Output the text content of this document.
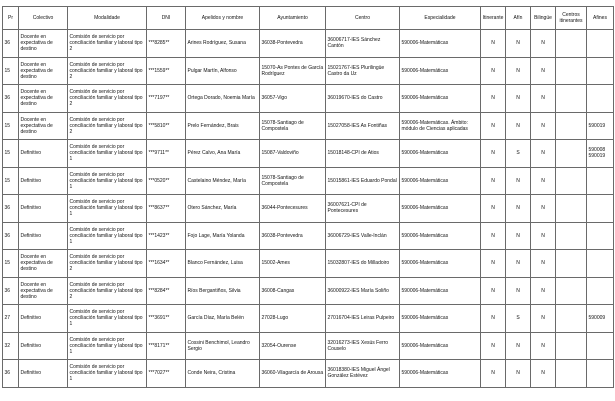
Pr	Colectivo	Modalidade	DNI	Apelidos y nombre	Ayuntamiento	Centro	Especialidade	Itinerante	Afín	Bilingüe	Centros itinerantes	Afines
36	Docente en expectativa de destino	Comisión de servicio por conciliación familiar y laboral tipo 2	***8285**	Arines Rodríguez, Susana	36038-Pontevedra	36006717-IES Sánchez Cantón	590006-Matemáticas	N	N	N		
15	Docente en expectativa de destino	Comisión de servicio por conciliación familiar y laboral tipo 2	***1559**	Pulgar Martín, Alfonso	15070-As Pontes de García Rodríguez	15021767-IES Plurilingüe Castro da Uz	590006-Matemáticas	N	N	N		
36	Docente en expectativa de destino	Comisión de servicio por conciliación familiar y laboral tipo 2	***7197**	Ortega Dorado, Noemia María	36057-Vigo	36019670-IES do Castro	590006-Matemáticas	N	N	N		
15	Docente en expectativa de destino	Comisión de servicio por conciliación familiar y laboral tipo 2	***5810**	Prelo Fernández, Brais	15078-Santiago de Compostela	15027058-IES As Fontiñas	590006-Matemáticas. Ámbito: módulo de Ciencias aplicadas	N	N	N		590019
15	Definitivo	Comisión de servicio por conciliación familiar y laboral tipo 1	***9711**	Pérez Calvo, Ana María	15087-Valdoviño	15018148-CPI de Atios	590006-Matemáticas	N	S	N		590008
590019
15	Definitivo	Comisión de servicio por conciliación familiar y laboral tipo 1	***0520**	Castelaino Méndez, María	15078-Santiago de Compostela	15015861-IES Eduardo Pondal	590006-Matemáticas	N	N	N		
36	Definitivo	Comisión de servicio por conciliación familiar y laboral tipo 1	***8637**	Otero Sánchez, María	36044-Pontecesures	36007621-CPI de Pontecesures	590006-Matemáticas	N	N	N		
36	Definitivo	Comisión de servicio por conciliación familiar y laboral tipo 1	***1423**	Fojo Lage, María Yolanda	36038-Pontevedra	36006729-IES Valle-Inclán	590006-Matemáticas	N	N	N		
15	Docente en expectativa de destino	Comisión de servicio por conciliación familiar y laboral tipo 2	***1634**	Blanco Fernández, Luisa	15002-Ames	15032807-IES do Milladoiro	590006-Matemáticas	N	N	N		
36	Docente en expectativa de destino	Comisión de servicio por conciliación familiar y laboral tipo 2	***8284**	Ríos Bergantiños, Silvia	36008-Cangas	36000922-IES María Soliño	590006-Matemáticas	N	N	N		
27	Definitivo	Comisión de servicio por conciliación familiar y laboral tipo 1	***3691**	García Díaz, María Belén	27028-Lugo	27016704-IES Leiras Pulpeiro	590006-Matemáticas	N	S	N		590009
32	Definitivo	Comisión de servicio por conciliación familiar y laboral tipo 1	***8171**	Cossini Benchimol, Leandro Sergio	32054-Ourense	32016273-IES Xesús Ferro Couselo	590006-Matemáticas	N	N	N		
36	Definitivo	Comisión de servicio por conciliación familiar y laboral tipo 1	***7027**	Conde Neira, Cristina	36060-Vilagarcía de Arousa	36018380-IES Miguel Ángel González Estévez	590006-Matemáticas	N	N	N		
